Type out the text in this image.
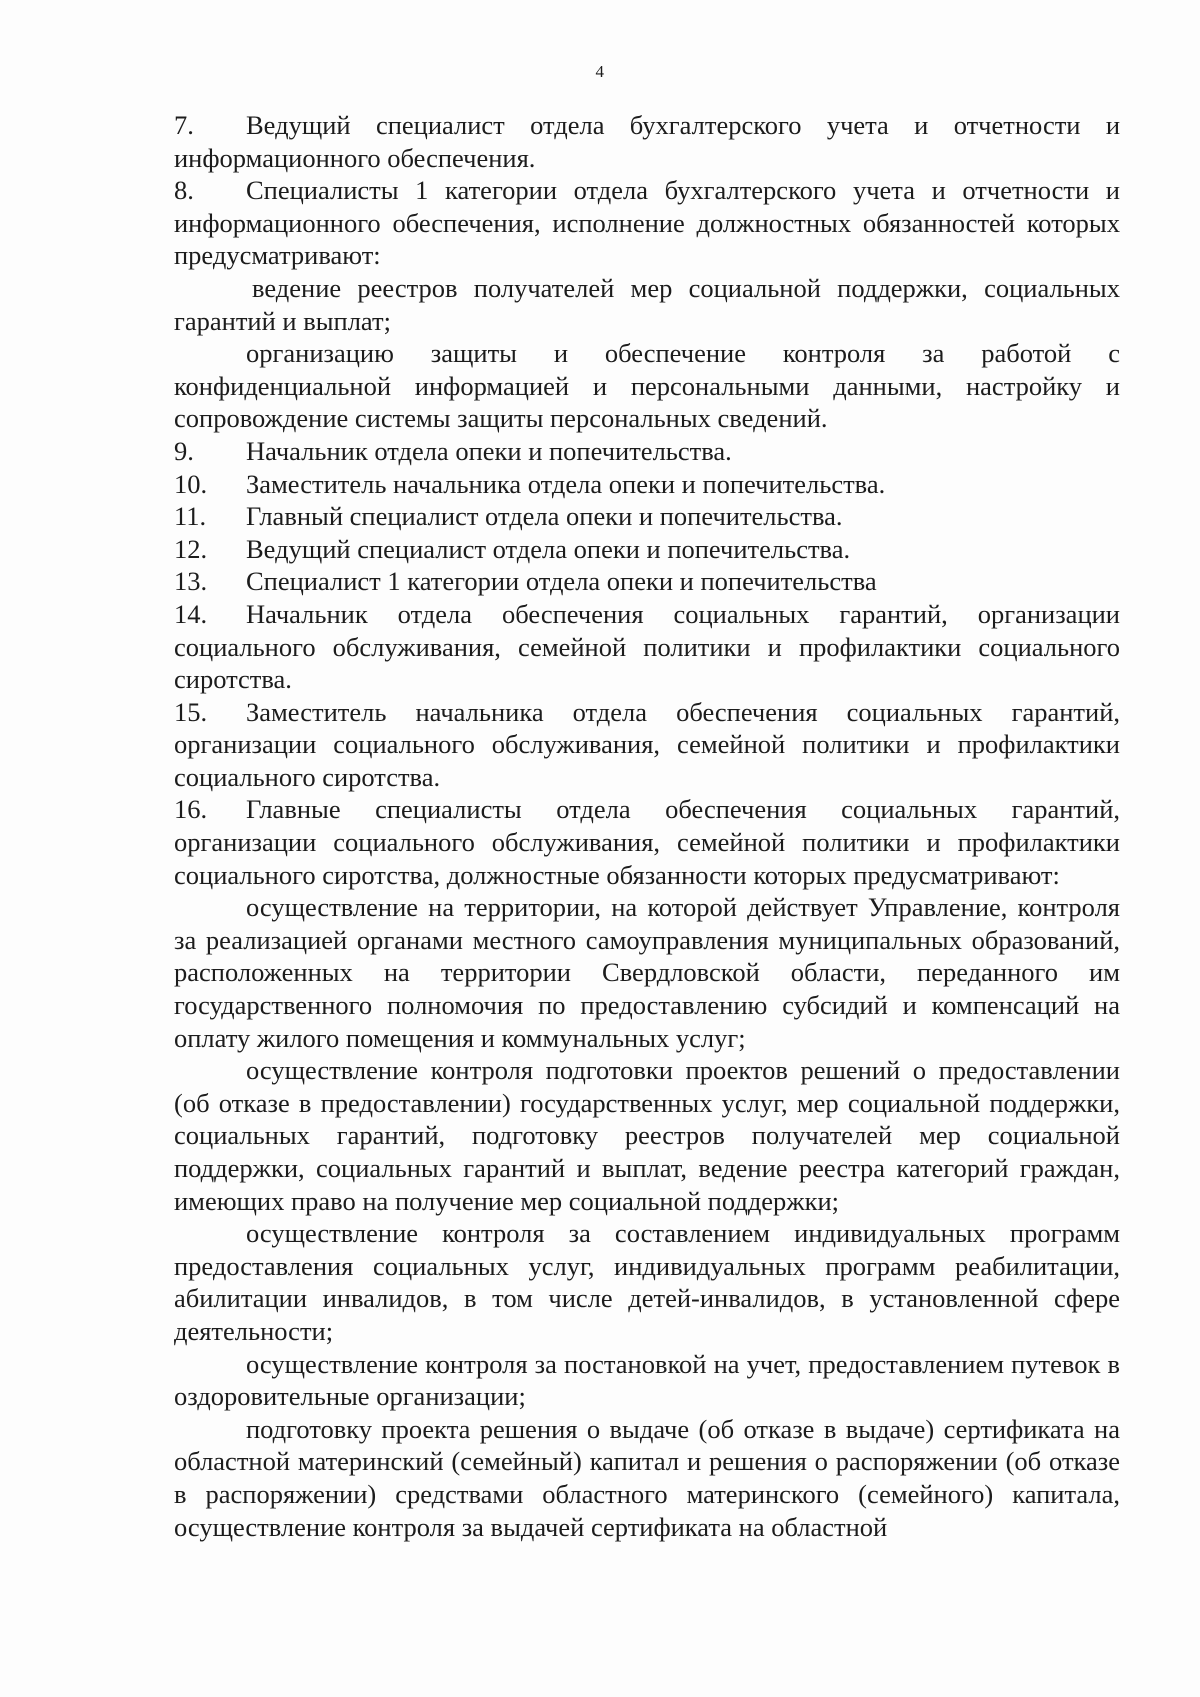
4

7. Ведущий специалист отдела бухгалтерского учета и отчетности и информационного обеспечения.

8. Специалисты 1 категории отдела бухгалтерского учета и отчетности и информационного обеспечения, исполнение должностных обязанностей которых предусматривают:

ведение реестров получателей мер социальной поддержки, социальных гарантий и выплат;

организацию защиты и обеспечение контроля за работой с конфиденциальной информацией и персональными данными, настройку и сопровождение системы защиты персональных сведений.

9. Начальник отдела опеки и попечительства.

10. Заместитель начальника отдела опеки и попечительства.

11. Главный специалист отдела опеки и попечительства.

12. Ведущий специалист отдела опеки и попечительства.

13. Специалист 1 категории отдела опеки и попечительства

14. Начальник отдела обеспечения социальных гарантий, организации социального обслуживания, семейной политики и профилактики социального сиротства.

15. Заместитель начальника отдела обеспечения социальных гарантий, организации социального обслуживания, семейной политики и профилактики социального сиротства.

16. Главные специалисты отдела обеспечения социальных гарантий, организации социального обслуживания, семейной политики и профилактики социального сиротства, должностные обязанности которых предусматривают:

осуществление на территории, на которой действует Управление, контроля за реализацией органами местного самоуправления муниципальных образований, расположенных на территории Свердловской области, переданного им государственного полномочия по предоставлению субсидий и компенсаций на оплату жилого помещения и коммунальных услуг;

осуществление контроля подготовки проектов решений о предоставлении (об отказе в предоставлении) государственных услуг, мер социальной поддержки, социальных гарантий, подготовку реестров получателей мер социальной поддержки, социальных гарантий и выплат, ведение реестра категорий граждан, имеющих право на получение мер социальной поддержки;

осуществление контроля за составлением индивидуальных программ предоставления социальных услуг, индивидуальных программ реабилитации, абилитации инвалидов, в том числе детей-инвалидов, в установленной сфере деятельности;

осуществление контроля за постановкой на учет, предоставлением путевок в оздоровительные организации;

подготовку проекта решения о выдаче (об отказе в выдаче) сертификата на областной материнский (семейный) капитал и решения о распоряжении (об отказе в распоряжении) средствами областного материнского (семейного) капитала, осуществление контроля за выдачей сертификата на областной
